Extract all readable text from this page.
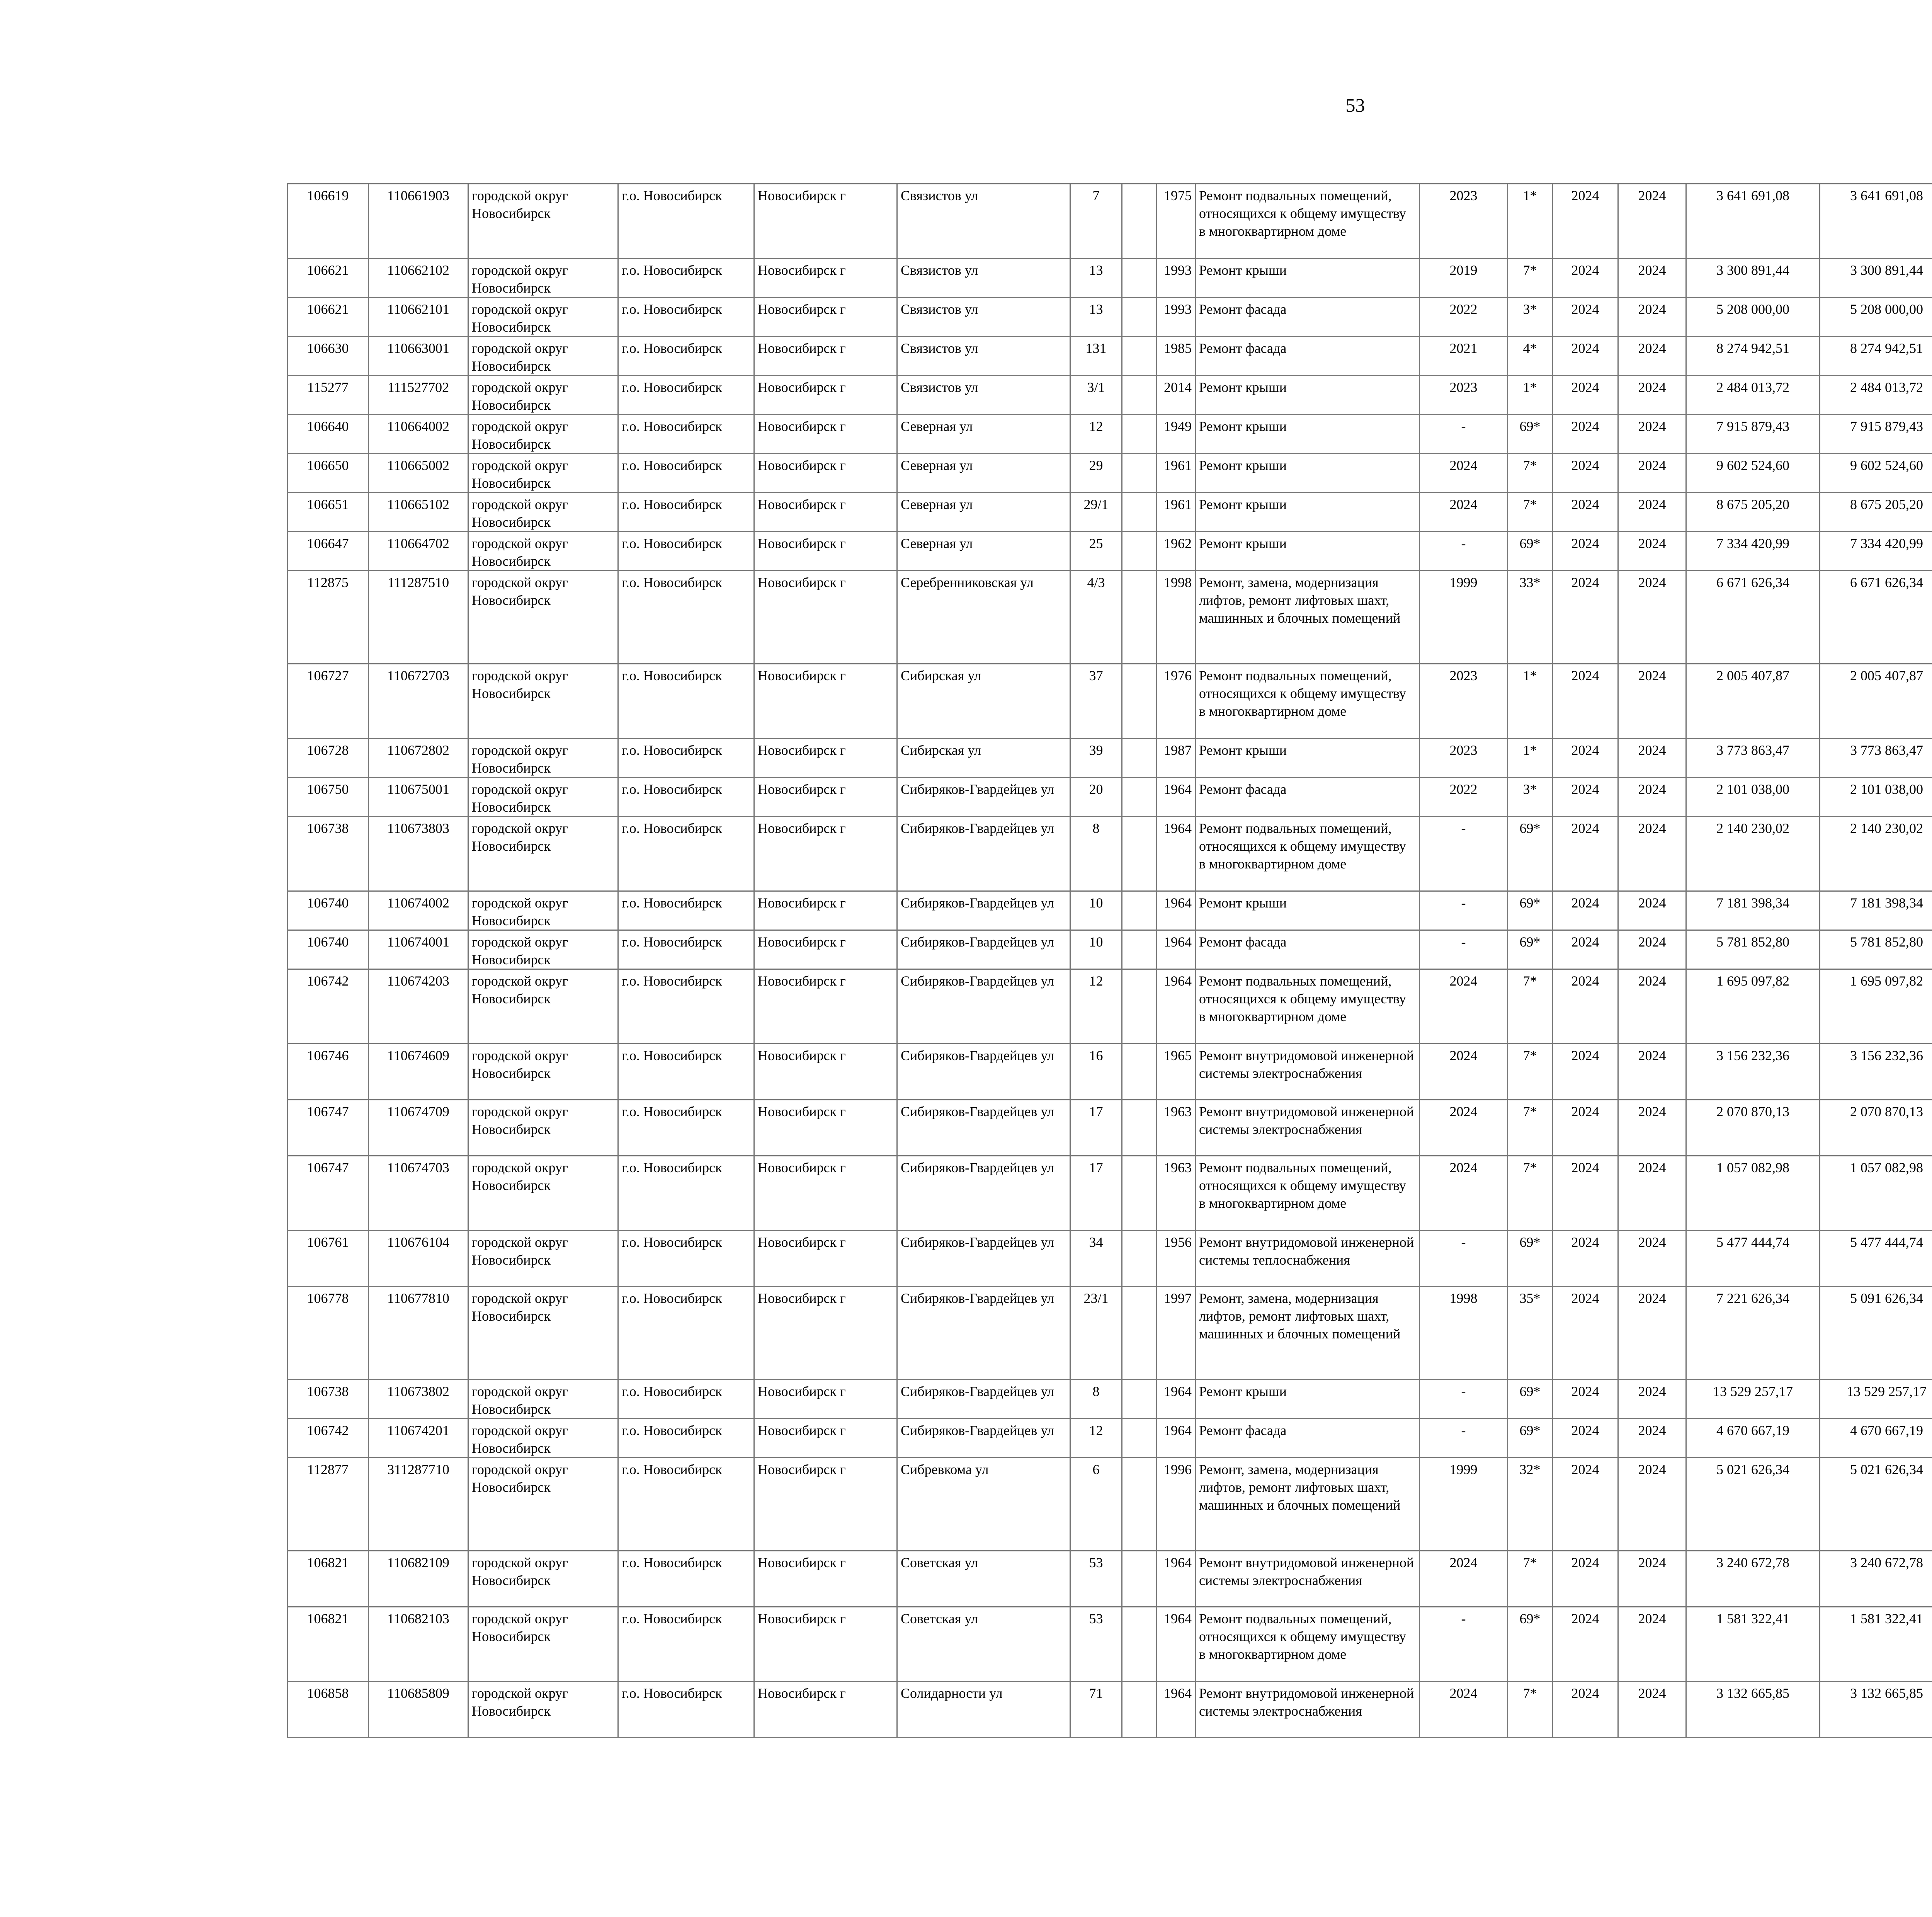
53
106619	110661903	городской округ Новосибирск	г.о. Новосибирск	Новосибирск г	Связистов ул	7		1975	Ремонт подвальных помещений, относящихся к общему имуществу в многоквартирном доме	2023	1*	2024	2024	3 641 691,08	3 641 691,08						
106621	110662102	городской округ Новосибирск	г.о. Новосибирск	Новосибирск г	Связистов ул	13		1993	Ремонт крыши	2019	7*	2024	2024	3 300 891,44	3 300 891,44						
106621	110662101	городской округ Новосибирск	г.о. Новосибирск	Новосибирск г	Связистов ул	13		1993	Ремонт фасада	2022	3*	2024	2024	5 208 000,00	5 208 000,00						
106630	110663001	городской округ Новосибирск	г.о. Новосибирск	Новосибирск г	Связистов ул	131		1985	Ремонт фасада	2021	4*	2024	2024	8 274 942,51	8 274 942,51						
115277	111527702	городской округ Новосибирск	г.о. Новосибирск	Новосибирск г	Связистов ул	3/1		2014	Ремонт крыши	2023	1*	2024	2024	2 484 013,72	2 484 013,72						
106640	110664002	городской округ Новосибирск	г.о. Новосибирск	Новосибирск г	Северная ул	12		1949	Ремонт крыши	-	69*	2024	2024	7 915 879,43	7 915 879,43						
106650	110665002	городской округ Новосибирск	г.о. Новосибирск	Новосибирск г	Северная ул	29		1961	Ремонт крыши	2024	7*	2024	2024	9 602 524,60	9 602 524,60						
106651	110665102	городской округ Новосибирск	г.о. Новосибирск	Новосибирск г	Северная ул	29/1		1961	Ремонт крыши	2024	7*	2024	2024	8 675 205,20	8 675 205,20						
106647	110664702	городской округ Новосибирск	г.о. Новосибирск	Новосибирск г	Северная ул	25		1962	Ремонт крыши	-	69*	2024	2024	7 334 420,99	7 334 420,99						
112875	111287510	городской округ Новосибирск	г.о. Новосибирск	Новосибирск г	Серебренниковская ул	4/3		1998	Ремонт, замена, модернизация лифтов, ремонт лифтовых шахт, машинных и блочных помещений	1999	33*	2024	2024	6 671 626,34	6 671 626,34						
106727	110672703	городской округ Новосибирск	г.о. Новосибирск	Новосибирск г	Сибирская ул	37		1976	Ремонт подвальных помещений, относящихся к общему имуществу в многоквартирном доме	2023	1*	2024	2024	2 005 407,87	2 005 407,87						
106728	110672802	городской округ Новосибирск	г.о. Новосибирск	Новосибирск г	Сибирская ул	39		1987	Ремонт крыши	2023	1*	2024	2024	3 773 863,47	3 773 863,47						
106750	110675001	городской округ Новосибирск	г.о. Новосибирск	Новосибирск г	Сибиряков-Гвардейцев ул	20		1964	Ремонт фасада	2022	3*	2024	2024	2 101 038,00	2 101 038,00						
106738	110673803	городской округ Новосибирск	г.о. Новосибирск	Новосибирск г	Сибиряков-Гвардейцев ул	8		1964	Ремонт подвальных помещений, относящихся к общему имуществу в многоквартирном доме	-	69*	2024	2024	2 140 230,02	2 140 230,02						
106740	110674002	городской округ Новосибирск	г.о. Новосибирск	Новосибирск г	Сибиряков-Гвардейцев ул	10		1964	Ремонт крыши	-	69*	2024	2024	7 181 398,34	7 181 398,34						
106740	110674001	городской округ Новосибирск	г.о. Новосибирск	Новосибирск г	Сибиряков-Гвардейцев ул	10		1964	Ремонт фасада	-	69*	2024	2024	5 781 852,80	5 781 852,80						
106742	110674203	городской округ Новосибирск	г.о. Новосибирск	Новосибирск г	Сибиряков-Гвардейцев ул	12		1964	Ремонт подвальных помещений, относящихся к общему имуществу в многоквартирном доме	2024	7*	2024	2024	1 695 097,82	1 695 097,82						
106746	110674609	городской округ Новосибирск	г.о. Новосибирск	Новосибирск г	Сибиряков-Гвардейцев ул	16		1965	Ремонт внутридомовой инженерной системы электроснабжения	2024	7*	2024	2024	3 156 232,36	3 156 232,36						
106747	110674709	городской округ Новосибирск	г.о. Новосибирск	Новосибирск г	Сибиряков-Гвардейцев ул	17		1963	Ремонт внутридомовой инженерной системы электроснабжения	2024	7*	2024	2024	2 070 870,13	2 070 870,13						
106747	110674703	городской округ Новосибирск	г.о. Новосибирск	Новосибирск г	Сибиряков-Гвардейцев ул	17		1963	Ремонт подвальных помещений, относящихся к общему имуществу в многоквартирном доме	2024	7*	2024	2024	1 057 082,98	1 057 082,98						
106761	110676104	городской округ Новосибирск	г.о. Новосибирск	Новосибирск г	Сибиряков-Гвардейцев ул	34		1956	Ремонт внутридомовой инженерной системы теплоснабжения	-	69*	2024	2024	5 477 444,74	5 477 444,74						
106778	110677810	городской округ Новосибирск	г.о. Новосибирск	Новосибирск г	Сибиряков-Гвардейцев ул	23/1		1997	Ремонт, замена, модернизация лифтов, ремонт лифтовых шахт, машинных и блочных помещений	1998	35*	2024	2024	7 221 626,34	5 091 626,34						
106738	110673802	городской округ Новосибирск	г.о. Новосибирск	Новосибирск г	Сибиряков-Гвардейцев ул	8		1964	Ремонт крыши	-	69*	2024	2024	13 529 257,17	13 529 257,17						
106742	110674201	городской округ Новосибирск	г.о. Новосибирск	Новосибирск г	Сибиряков-Гвардейцев ул	12		1964	Ремонт фасада	-	69*	2024	2024	4 670 667,19	4 670 667,19						
112877	311287710	городской округ Новосибирск	г.о. Новосибирск	Новосибирск г	Сибревкома ул	6		1996	Ремонт, замена, модернизация лифтов, ремонт лифтовых шахт, машинных и блочных помещений	1999	32*	2024	2024	5 021 626,34	5 021 626,34						
106821	110682109	городской округ Новосибирск	г.о. Новосибирск	Новосибирск г	Советская ул	53		1964	Ремонт внутридомовой инженерной системы электроснабжения	2024	7*	2024	2024	3 240 672,78	3 240 672,78						
106821	110682103	городской округ Новосибирск	г.о. Новосибирск	Новосибирск г	Советская ул	53		1964	Ремонт подвальных помещений, относящихся к общему имуществу в многоквартирном доме	-	69*	2024	2024	1 581 322,41	1 581 322,41						
106858	110685809	городской округ Новосибирск	г.о. Новосибирск	Новосибирск г	Солидарности ул	71		1964	Ремонт внутридомовой инженерной системы электроснабжения	2024	7*	2024	2024	3 132 665,85	3 132 665,85						
